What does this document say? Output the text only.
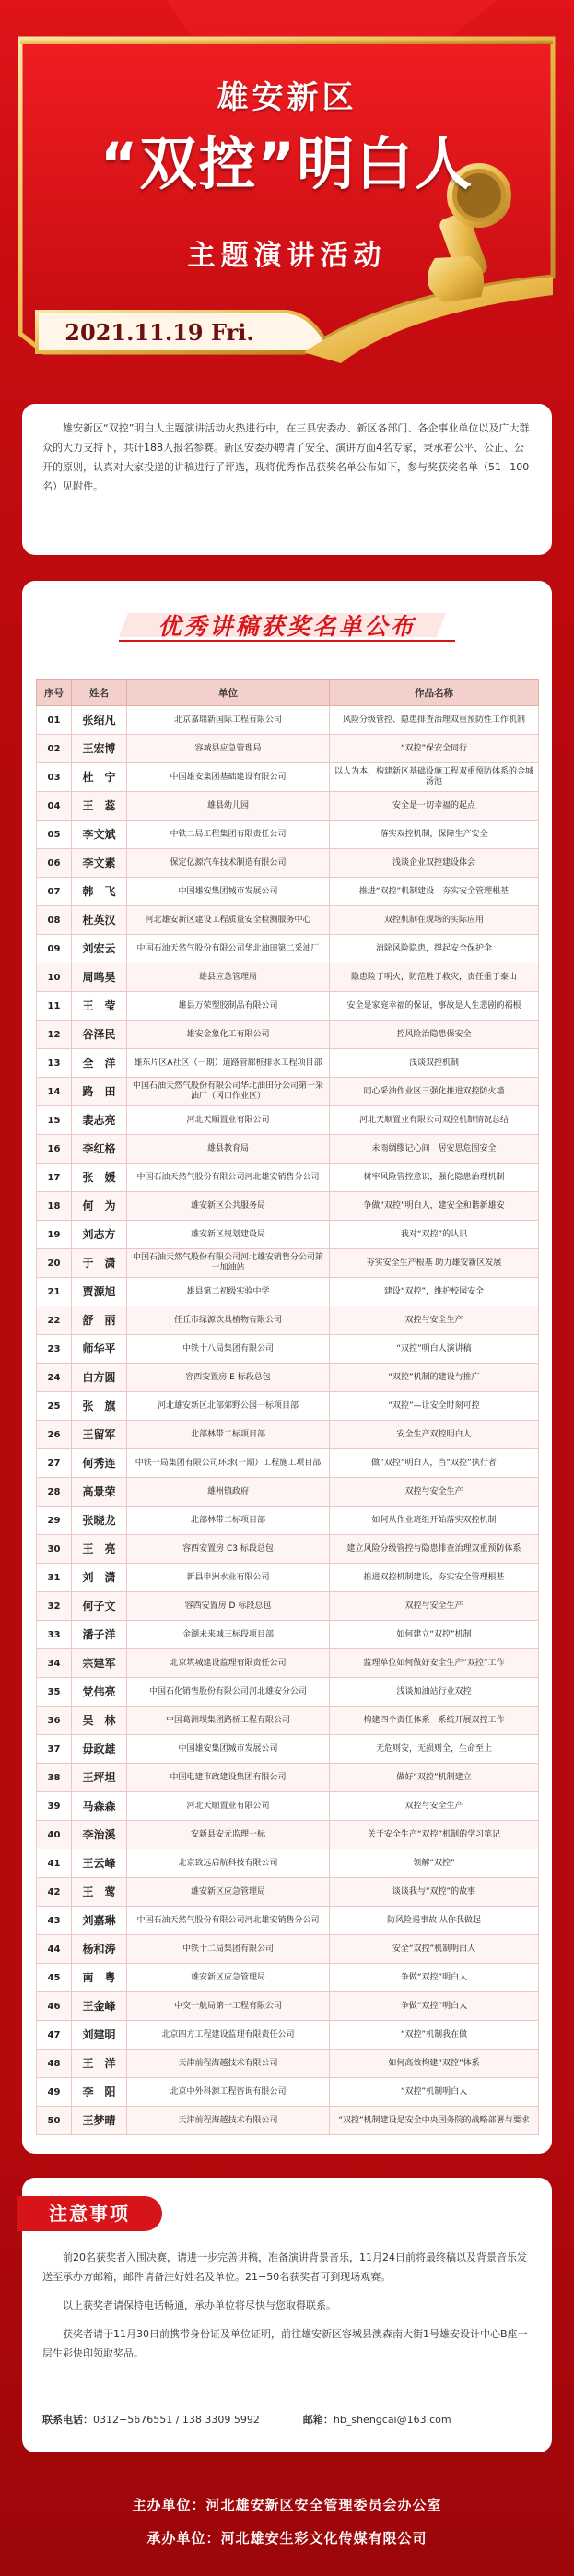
雄安新区
“双控”明白人
主题演讲活动
2021.11.19 Fri.
雄安新区“双控”明白人主题演讲活动火热进行中，在三县安委办、新区各部门、各企事业单位以及广大群众的大力支持下，共计188人报名参赛。新区安委办聘请了安全、演讲方面4名专家，秉承着公平、公正、公开的原则，认真对大家投递的讲稿进行了评选，现将优秀作品获奖名单公布如下，参与奖获奖名单（51−100名）见附件。
优秀讲稿获奖名单公布
序号	姓名	单位	作品名称
01	张绍凡	北京嘉瑞新国际工程有限公司	风险分级管控、隐患排查治理双重预防性工作机制
02	王宏博	容城县应急管理局	“双控”保安全同行
03	杜　宁	中国雄安集团基础建设有限公司	以人为本，构建新区基础设施工程双重预防体系的金城汤池
04	王　蕊	雄县幼儿园	安全是一切幸福的起点
05	李文斌	中铁二局工程集团有限责任公司	落实双控机制，保障生产安全
06	李文素	保定亿源汽车技术制造有限公司	浅谈企业双控建设体会
07	韩　飞	中国雄安集团城市发展公司	推进“双控”机制建设　夯实安全管理根基
08	杜英汉	河北雄安新区建设工程质量安全检测服务中心	双控机制在现场的实际应用
09	刘宏云	中国石油天然气股份有限公司华北油田第二采油厂	消除风险隐患，撑起安全保护伞
10	周鸣昊	雄县应急管理局	隐患险于明火，防范胜于救灾，责任重于泰山
11	王　莹	雄县万荣塑胶制品有限公司	安全是家庭幸福的保证，事故是人生悲剧的祸根
12	谷泽民	雄安金象化工有限公司	控风险治隐患保安全
13	全　洋	雄东片区A社区（一期）道路管廊桩排水工程项目部	浅谈双控机制
14	路　田	中国石油天然气股份有限公司华北油田分公司第一采油厂（冈口作业区）	同心采油作业区三强化推进双控防火墙
15	裴志亮	河北天順置业有限公司	河北天顺置业有限公司双控机制情况总结
16	李红格	雄县教育局	未雨绸缪记心间　居安思危固安全
17	张　媛	中国石油天然气股份有限公司河北雄安销售分公司	树牢风险管控意识，强化隐患治理机制
18	何　为	雄安新区公共服务局	争做“双控”明白人，建安全和谐新雄安
19	刘志方	雄安新区规划建设局	我对“双控”的认识
20	于　潇	中国石油天然气股份有限公司河北雄安销售分公司第一加油站	夯实安全生产根基 助力雄安新区发展
21	贾源旭	雄县第二初级实验中学	建设“双控”，维护校园安全
22	舒　丽	任丘市绿源饮具植物有限公司	双控与安全生产
23	师华平	中铁十八局集团有限公司	“双控”明白人演讲稿
24	白方圆	容西安置房 E 标段总包	“双控”机制的建设与推广
25	张　旗	河北雄安新区北部郊野公园一标项目部	“双控”—让安全时刻可控
26	王留军	北部林带二标项目部	安全生产双控明白人
27	何秀连	中铁一局集团有限公司环球(一期）工程施工项目部	做“双控”明白人，当“双控”执行者
28	高景荣	雄州镇政府	双控与安全生产
29	张晓龙	北部林带二标项目部	如何从作业班组开始落实双控机制
30	王　亮	容西安置房 C3 标段总包	建立风险分级管控与隐患排查治理双重预防体系
31	刘　潇	新县申洲水业有限公司	推进双控机制建设，夯实安全管理根基
32	何子文	容西安置房 D 标段总包	双控与安全生产
33	潘子洋	金湖未来城三标段项目部	如何建立“双控”机制
34	宗建军	北京筑城建设监理有限责任公司	监理单位如何做好安全生产“双控”工作
35	党伟亮	中国石化销售股份有限公司河北雄安分公司	浅谈加油站行业双控
36	吴　林	中国葛洲坝集团路桥工程有限公司	构建四个责任体系　系统开展双控工作
37	毋政雄	中国雄安集团城市发展公司	无危则安，无损则全，生命至上
38	王坪坦	中国电建市政建设集团有限公司	做好“双控”机制建立
39	马森森	河北天顺置业有限公司	双控与安全生产
40	李治溪	安新县安元监理一标	关于安全生产“双控”机制的学习笔记
41	王云峰	北京致远启航科技有限公司	领解“双控”
42	王　莺	雄安新区应急管理局	谈谈我与“双控”的故事
43	刘嘉琳	中国石油天然气股份有限公司河北雄安销售分公司	防风险遏事故 从你我做起
44	杨和涛	中铁十二局集团有限公司	安全“双控”机制明白人
45	南　粤	雄安新区应急管理局	争做“双控”明白人
46	王金峰	中交一航局第一工程有限公司	争做“双控”明白人
47	刘建明	北京四方工程建设监理有限责任公司	“双控”机制我在做
48	王　洋	天津前程海越技术有限公司	如何高效构建“双控”体系
49	李　阳	北京中外科源工程咨询有限公司	“双控”机制明白人
50	王梦晴	天津前程海越技术有限公司	“双控”机制建设是安全中央国务院的战略部署与要求
注意事项

前20名获奖者入围决赛，请进一步完善讲稿，准备演讲背景音乐，11月24日前将最终稿以及背景音乐发送至承办方邮箱，邮件请备注好姓名及单位。21−50名获奖者可到现场观赛。

以上获奖者请保持电话畅通，承办单位将尽快与您取得联系。

获奖者请于11月30日前携带身份证及单位证明，前往雄安新区容城县澳森南大街1号雄安设计中心B座一层生彩快印领取奖品。

联系电话：0312−5676551 / 138 3309 5992	邮箱：hb_shengcai@163.com
主办单位：河北雄安新区安全管理委员会办公室
承办单位：河北雄安生彩文化传媒有限公司
